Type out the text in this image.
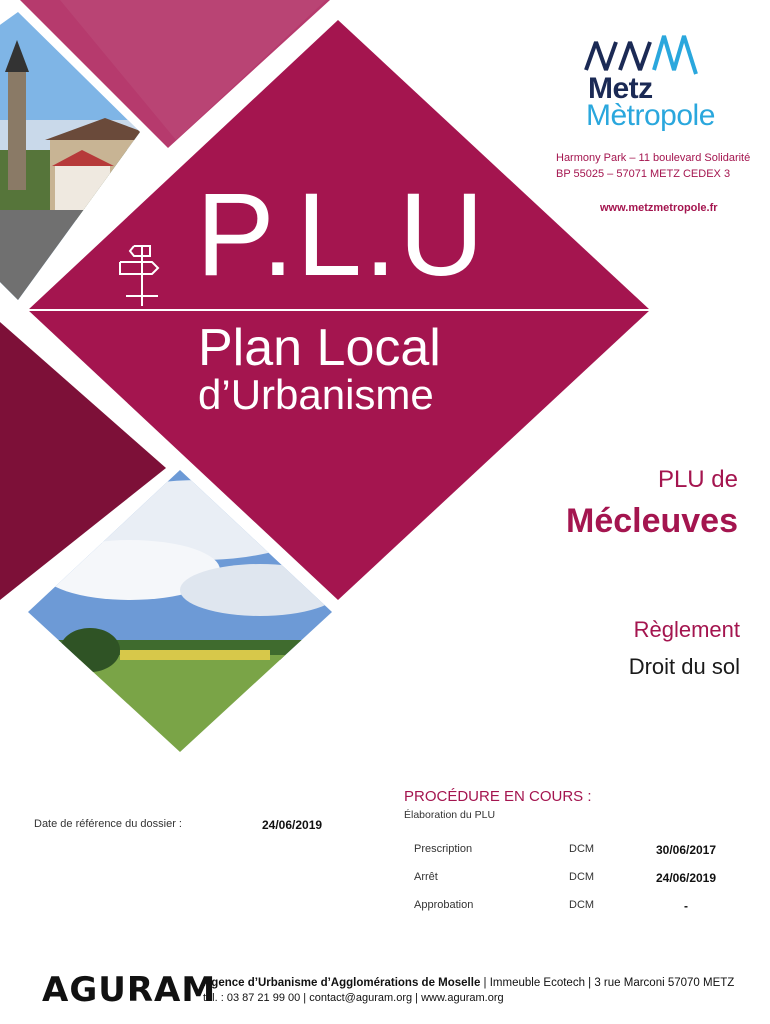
Metz
Mètropole
Harmony Park – 11 boulevard Solidarité
BP 55025 – 57071 METZ CEDEX 3
www.metzmetropole.fr
P.L.U
Plan Local
d’Urbanisme
PLU de
Mécleuves
Règlement
Droit du sol
PROCÉDURE EN COURS :
Élaboration du PLU
Date de référence du dossier :	24/06/2019
Prescription	DCM	30/06/2017
Arrêt	DCM	24/06/2019
Approbation	DCM	-
AGURAM
Agence d’Urbanisme d’Agglomérations de Moselle | Immeuble Ecotech | 3 rue Marconi 57070 METZ
tél. : 03 87 21 99 00 | contact@aguram.org | www.aguram.org
